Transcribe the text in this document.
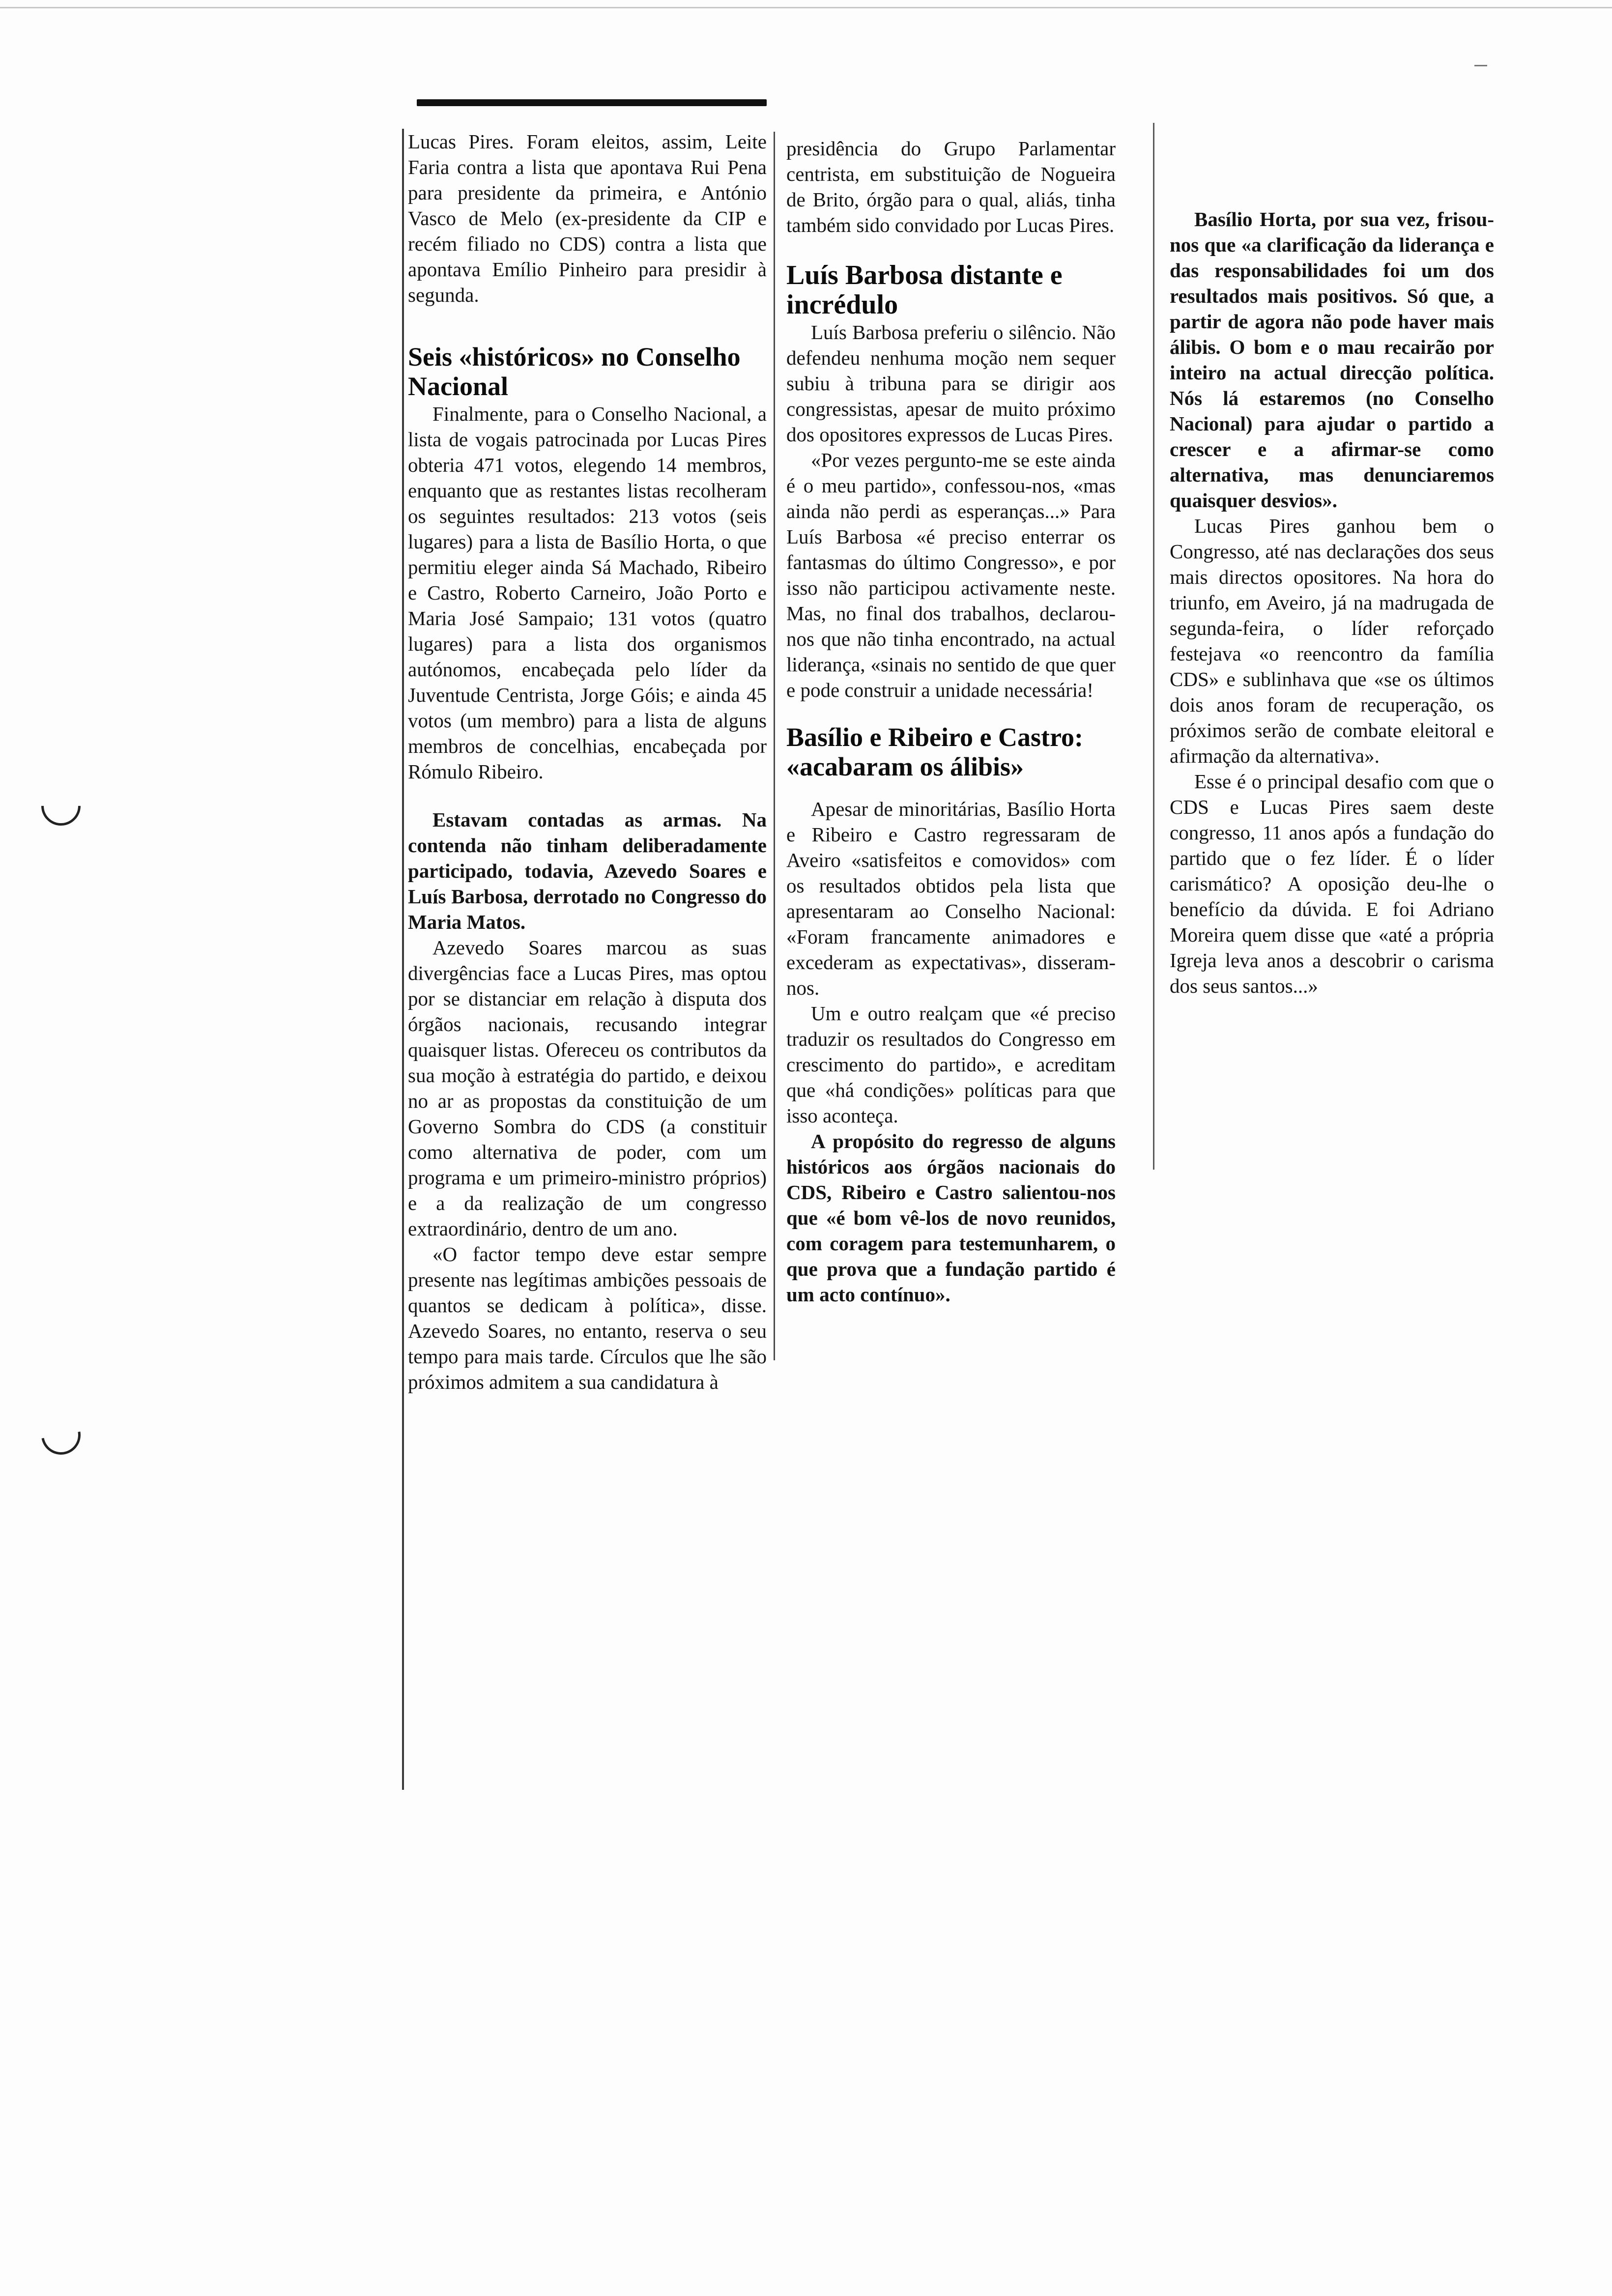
Lucas Pires. Foram eleitos, assim, Leite Faria contra a lista que apontava Rui Pena para presidente da primeira, e António Vasco de Melo (ex-presidente da CIP e recém filiado no CDS) contra a lista que apontava Emílio Pinheiro para presidir à segunda.

Seis «históricos» no Conselho Nacional

Finalmente, para o Conselho Nacional, a lista de vogais patrocinada por Lucas Pires obteria 471 votos, elegendo 14 membros, enquanto que as restantes listas recolheram os seguintes resultados: 213 votos (seis lugares) para a lista de Basílio Horta, o que permitiu eleger ainda Sá Machado, Ribeiro e Castro, Roberto Carneiro, João Porto e Maria José Sampaio; 131 votos (quatro lugares) para a lista dos organismos autónomos, encabeçada pelo líder da Juventude Centrista, Jorge Góis; e ainda 45 votos (um membro) para a lista de alguns membros de concelhias, encabeçada por Rómulo Ribeiro.

Estavam contadas as armas. Na contenda não tinham deliberadamente participado, todavia, Azevedo Soares e Luís Barbosa, derrotado no Congresso do Maria Matos.

Azevedo Soares marcou as suas divergências face a Lucas Pires, mas optou por se distanciar em relação à disputa dos órgãos nacionais, recusando integrar quaisquer listas. Ofereceu os contributos da sua moção à estratégia do partido, e deixou no ar as propostas da constituição de um Governo Sombra do CDS (a constituir como alternativa de poder, com um programa e um primeiro-ministro próprios) e a da realização de um congresso extraordinário, dentro de um ano.

«O factor tempo deve estar sempre presente nas legítimas ambições pessoais de quantos se dedicam à política», disse. Azevedo Soares, no entanto, reserva o seu tempo para mais tarde. Círculos que lhe são próximos admitem a sua candidatura à

presidência do Grupo Parlamentar centrista, em substituição de Nogueira de Brito, órgão para o qual, aliás, tinha também sido convidado por Lucas Pires.

Luís Barbosa distante e incrédulo

Luís Barbosa preferiu o silêncio. Não defendeu nenhuma moção nem sequer subiu à tribuna para se dirigir aos congressistas, apesar de muito próximo dos opositores expressos de Lucas Pires.

«Por vezes pergunto-me se este ainda é o meu partido», confessou-nos, «mas ainda não perdi as esperanças...» Para Luís Barbosa «é preciso enterrar os fantasmas do último Congresso», e por isso não participou activamente neste. Mas, no final dos trabalhos, declarou-nos que não tinha encontrado, na actual liderança, «sinais no sentido de que quer e pode construir a unidade necessária!

Basílio e Ribeiro e Castro: «acabaram os álibis»

Apesar de minoritárias, Basílio Horta e Ribeiro e Castro regressaram de Aveiro «satisfeitos e comovidos» com os resultados obtidos pela lista que apresentaram ao Conselho Nacional: «Foram francamente animadores e excederam as expectativas», disseram-nos.

Um e outro realçam que «é preciso traduzir os resultados do Congresso em crescimento do partido», e acreditam que «há condições» políticas para que isso aconteça.

A propósito do regresso de alguns históricos aos órgãos nacionais do CDS, Ribeiro e Castro salientou-nos que «é bom vê-los de novo reunidos, com coragem para testemunharem, o que prova que a fundação partido é um acto contínuo».

Basílio Horta, por sua vez, frisou-nos que «a clarificação da liderança e das responsabilidades foi um dos resultados mais positivos. Só que, a partir de agora não pode haver mais álibis. O bom e o mau recairão por inteiro na actual direcção política. Nós lá estaremos (no Conselho Nacional) para ajudar o partido a crescer e a afirmar-se como alternativa, mas denunciaremos quaisquer desvios».

Lucas Pires ganhou bem o Congresso, até nas declarações dos seus mais directos opositores. Na hora do triunfo, em Aveiro, já na madrugada de segunda-feira, o líder reforçado festejava «o reencontro da família CDS» e sublinhava que «se os últimos dois anos foram de recuperação, os próximos serão de combate eleitoral e afirmação da alternativa».

Esse é o principal desafio com que o CDS e Lucas Pires saem deste congresso, 11 anos após a fundação do partido que o fez líder. É o líder carismático? A oposição deu-lhe o benefício da dúvida. E foi Adriano Moreira quem disse que «até a própria Igreja leva anos a descobrir o carisma dos seus santos...»
